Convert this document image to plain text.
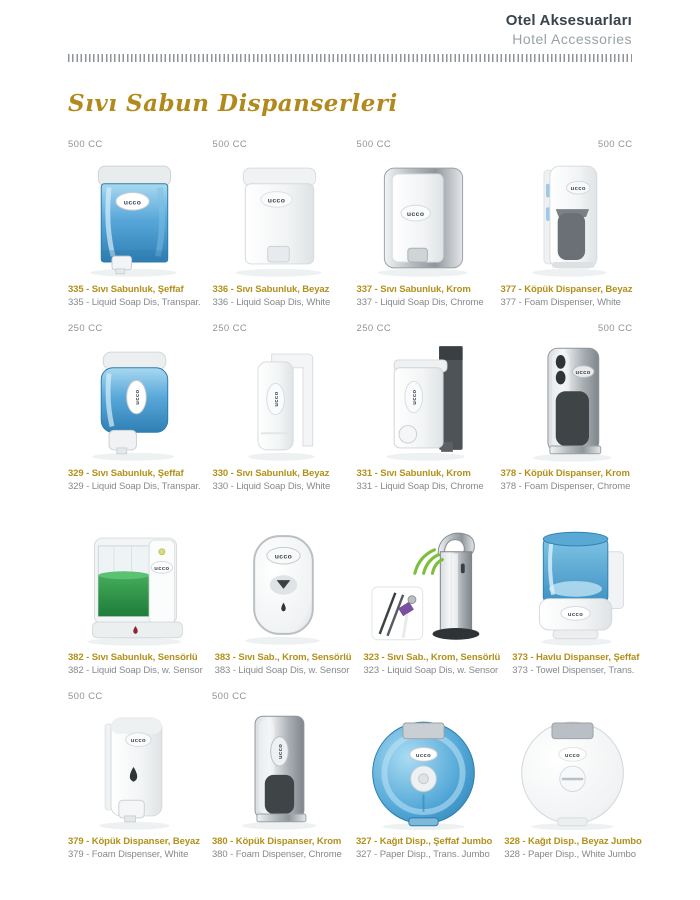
Otel Aksesuarları
Hotel Accessories
Sıvı Sabun Dispanserleri
500 CC
ucco
335 - Sıvı Sabunluk, Şeffaf
335 - Liquid Soap Dis, Transpar.
500 CC
ucco
336 - Sıvı Sabunluk, Beyaz
336 - Liquid Soap Dis, White
500 CC
ucco
337 - Sıvı Sabunluk, Krom
337 - Liquid Soap Dis, Chrome
500 CC
ucco
377 - Köpük Dispanser, Beyaz
377 - Foam Dispenser, White
250 CC
ucco
329 - Sıvı Sabunluk, Şeffaf
329 - Liquid Soap Dis, Transpar.
250 CC
ucco
330 - Sıvı Sabunluk, Beyaz
330 - Liquid Soap Dis, White
250 CC
ucco
331 - Sıvı Sabunluk, Krom
331 - Liquid Soap Dis, Chrome
500 CC
ucco
378 - Köpük Dispanser, Krom
378 - Foam Dispenser, Chrome
ucco
382 - Sıvı Sabunluk, Sensörlü
382 - Liquid Soap Dis, w. Sensor
ucco
383 - Sıvı Sab., Krom, Sensörlü
383 - Liquid Soap Dis, w. Sensor
323 - Sıvı Sab., Krom, Sensörlü
323 - Liquid Soap Dis, w. Sensor
ucco
373 - Havlu Dispanser, Şeffaf
373 - Towel Dispenser, Trans.
500 CC
ucco
379 - Köpük Dispanser, Beyaz
379 - Foam Dispenser, White
500 CC
ucco
380 - Köpük Dispanser, Krom
380 - Foam Dispenser, Chrome
ucco
327 - Kağıt Disp., Şeffaf Jumbo
327 - Paper Disp., Trans. Jumbo
ucco
328 - Kağıt Disp., Beyaz Jumbo
328 - Paper Disp., White Jumbo
